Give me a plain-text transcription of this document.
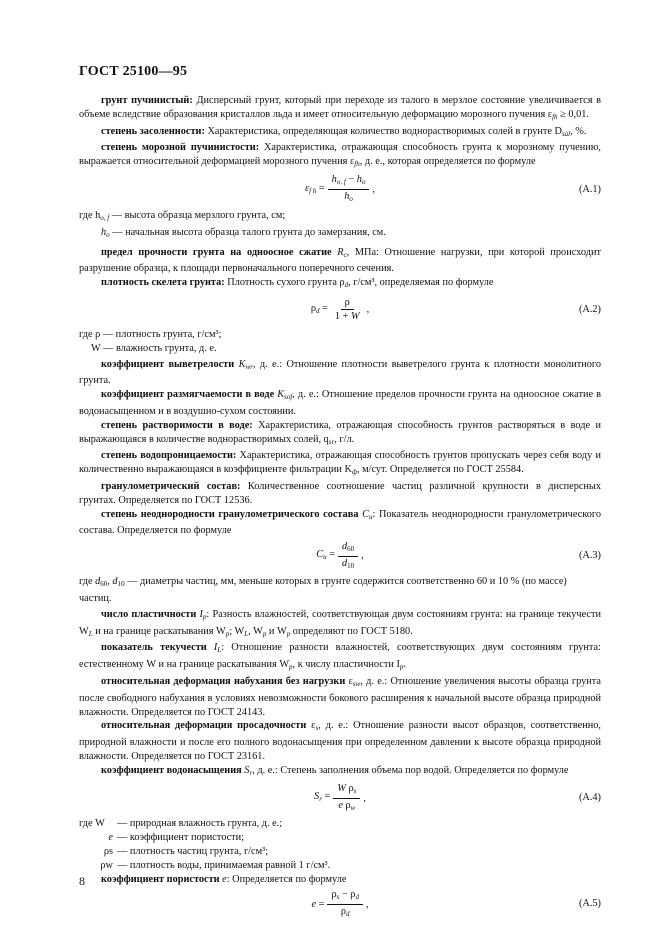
ГОСТ 25100—95

грунт пучинистый: Дисперсный грунт, который при переходе из талого в мерзлое состояние увеличивается в объеме вследствие образования кристаллов льда и имеет относительную деформацию морозного пучения $\varepsilon_{fh} \ge 0,01$.

степень засоленности: Характеристика, определяющая количество воднорастворимых солей в грунте $D_{sal}$, %.

степень морозной пучинистости: Характеристика, отражающая способность грунта к морозному пучению, выражается относительной деформацией морозного пучения $\varepsilon_{fh}$, д. е., которая определяется по формуле

$\varepsilon_{f h} = \frac{h_{o, f} - h_o}{h_o}$ ,	(А.1)

где $h_{o, f}$ — высота образца мерзлого грунта, см;

$h_o$ — начальная высота образца талого грунта до замерзания, см.

предел прочности грунта на одноосное сжатие $R_c$, МПа: Отношение нагрузки, при которой происходит разрушение образца, к площади первоначального поперечного сечения.

плотность скелета грунта: Плотность сухого грунта $\rho_d$, г/см³, определяемая по формуле

$\rho_d = \frac{\rho}{1 + W}$ ,	(А.2)

где ρ — плотность грунта, г/см³;

W — влажность грунта, д. е.

коэффициент выветрелости $K_{wr}$, д. е.: Отношение плотности выветрелого грунта к плотности монолитного грунта.

коэффициент размягчаемости в воде $K_{sof}$, д. е.: Отношение пределов прочности грунта на одноосное сжатие в водонасыщенном и в воздушно-сухом состоянии.

степень растворимости в воде: Характеристика, отражающая способность грунтов растворяться в воде и выражающаяся в количестве воднорастворимых солей, $q_{sr}$, г/л.

степень водопроницаемости: Характеристика, отражающая способность грунтов пропускать через себя воду и количественно выражающаяся в коэффициенте фильтрации $K_ф$, м/сут. Определяется по ГОСТ 25584.

гранулометрический состав: Количественное соотношение частиц различной крупности в дисперсных грунтах. Определяется по ГОСТ 12536.

степень неоднородности гранулометрического состава $C_u$: Показатель неоднородности гранулометрического состава. Определяется по формуле

$C_u = \frac{d_{60}}{d_{10}}$ ,	(А.3)

где $d_{60}$, $d_{10}$ — диаметры частиц, мм, меньше которых в грунте содержится соответственно 60 и 10 % (по массе) частиц.

число пластичности $I_p$: Разность влажностей, соответствующая двум состояниям грунта: на границе текучести $W_L$ и на границе раскатывания $W_p$; $W_L$, $W_p$ и $W_p$ определяют по ГОСТ 5180.

показатель текучести $I_L$: Отношение разности влажностей, соответствующих двум состояниям грунта: естественному W и на границе раскатывания $W_p$, к числу пластичности $I_p$.

относительная деформация набухания без нагрузки $\varepsilon_{sw}$, д. е.: Отношение увеличения высоты образца грунта после свободного набухания в условиях невозможности бокового расширения к начальной высоте образца природной влажности. Определяется по ГОСТ 24143.

относительная деформация просадочности $\varepsilon_s$, д. е.: Отношение разности высот образцов, соответственно, природной влажности и после его полного водонасыщения при определенном давлении к высоте образца природной влажности. Определяется по ГОСТ 23161.

коэффициент водонасыщения $S_r$, д. е.: Степень заполнения объема пор водой. Определяется по формуле

$S_r = \frac{W \rho_s}{e \rho_w}$ ,	(А.4)
где W	— природная влажность грунта, д. е.;
e — коэффициент пористости;
ρs — плотность частиц грунта, г/см³;
ρw — плотность воды, принимаемая равной 1 г/см³.

коэффициент пористости e: Определяется по формуле

$e = \frac{\rho_s - \rho_d}{\rho_d}$ ,	(А.5)
8
